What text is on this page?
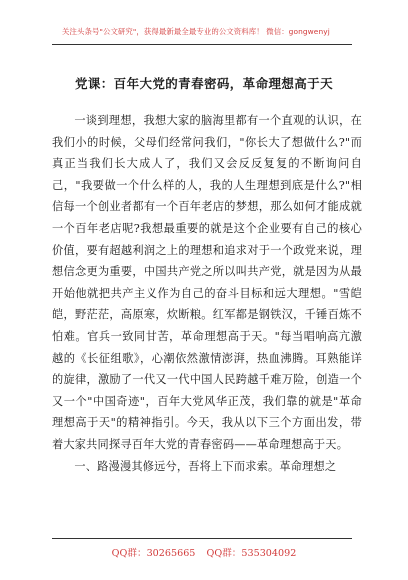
关注头条号"公文研究"，获得最新最全最专业的公文资料库！ 微信：gongwenyj
党课：百年大党的青春密码，革命理想高于天

一谈到理想，我想大家的脑海里都有一个直观的认识，在我们小的时候，父母们经常问我们，"你长大了想做什么?"而真正当我们长大成人了，我们又会反反复复的不断询问自己，"我要做一个什么样的人，我的人生理想到底是什么?"相信每一个创业者都有一个百年老店的梦想，那么如何才能成就一个百年老店呢?我想最重要的就是这个企业要有自己的核心价值，要有超越利润之上的理想和追求对于一个政党来说，理想信念更为重要，中国共产党之所以叫共产党，就是因为从最开始他就把共产主义作为自己的奋斗目标和远大理想。"雪皑皑，野茫茫，高原寒，炊断粮。红军都是钢铁汉，千锤百炼不怕难。官兵一致同甘苦，革命理想高于天。"每当唱响高亢激越的《长征组歌》，心潮依然激情澎湃，热血沸腾。耳熟能详的旋律，激励了一代又一代中国人民跨越千难万险，创造一个又一个"中国奇迹"，百年大党风华正茂，我们靠的就是"革命理想高于天"的精神指引。今天，我从以下三个方面出发，带着大家共同探寻百年大党的青春密码——革命理想高于天。

一、路漫漫其修远兮，吾将上下而求索。革命理想之

QQ群：30265665 QQ群：535304092
